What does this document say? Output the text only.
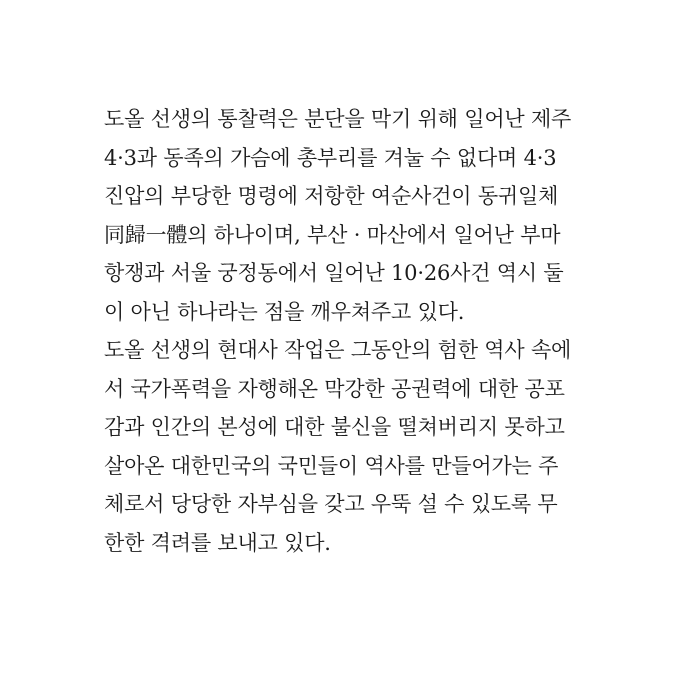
도올 선생의 통찰력은 분단을 막기 위해 일어난 제주
4·3과 동족의 가슴에 총부리를 겨눌 수 없다며 4·3
진압의 부당한 명령에 저항한 여순사건이 동귀일체
同歸一體의 하나이며, 부산 · 마산에서 일어난 부마
항쟁과 서울 궁정동에서 일어난 10·26사건 역시 둘
이 아닌 하나라는 점을 깨우쳐주고 있다.
도올 선생의 현대사 작업은 그동안의 험한 역사 속에
서 국가폭력을 자행해온 막강한 공권력에 대한 공포
감과 인간의 본성에 대한 불신을 떨쳐버리지 못하고
살아온 대한민국의 국민들이 역사를 만들어가는 주
체로서 당당한 자부심을 갖고 우뚝 설 수 있도록 무
한한 격려를 보내고 있다.
